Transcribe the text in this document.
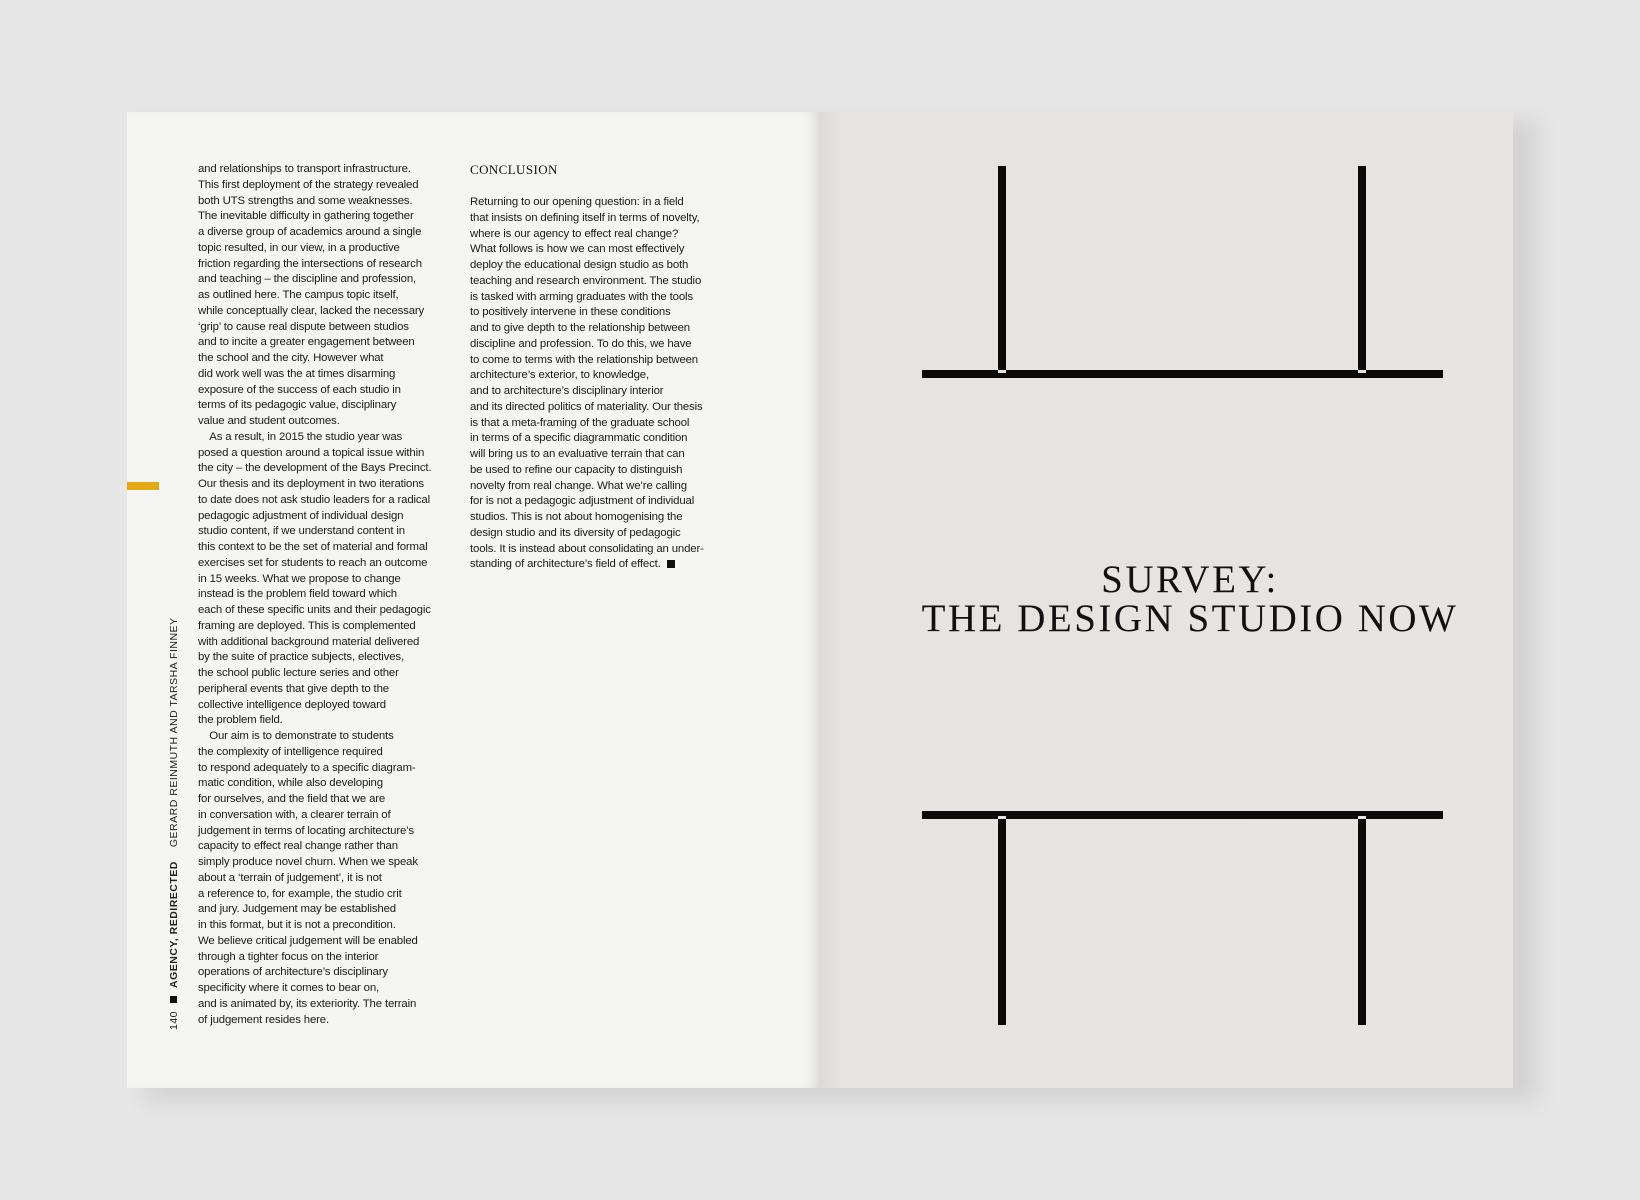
140AGENCY, REDIRECTEDGERARD REINMUTH AND TARSHA FINNEY
and relationships to transport infrastructure.
This first deployment of the strategy revealed
both UTS strengths and some weaknesses.
The inevitable difficulty in gathering together
a diverse group of academics around a single
topic resulted, in our view, in a productive
friction regarding the intersections of research
and teaching – the discipline and profession,
as outlined here. The campus topic itself,
while conceptually clear, lacked the necessary
‘grip’ to cause real dispute between studios
and to incite a greater engagement between
the school and the city. However what
did work well was the at times disarming
exposure of the success of each studio in
terms of its pedagogic value, disciplinary
value and student outcomes.
 As a result, in 2015 the studio year was
posed a question around a topical issue within
the city – the development of the Bays Precinct.
Our thesis and its deployment in two iterations
to date does not ask studio leaders for a radical
pedagogic adjustment of individual design
studio content, if we understand content in
this context to be the set of material and formal
exercises set for students to reach an outcome
in 15 weeks. What we propose to change
instead is the problem field toward which
each of these specific units and their pedagogic
framing are deployed. This is complemented
with additional background material delivered
by the suite of practice subjects, electives,
the school public lecture series and other
peripheral events that give depth to the
collective intelligence deployed toward
the problem field.
 Our aim is to demonstrate to students
the complexity of intelligence required
to respond adequately to a specific diagram-
matic condition, while also developing
for ourselves, and the field that we are
in conversation with, a clearer terrain of
judgement in terms of locating architecture’s
capacity to effect real change rather than
simply produce novel churn. When we speak
about a ‘terrain of judgement’, it is not
a reference to, for example, the studio crit
and jury. Judgement may be established
in this format, but it is not a precondition.
We believe critical judgement will be enabled
through a tighter focus on the interior
operations of architecture’s disciplinary
specificity where it comes to bear on,
and is animated by, its exteriority. The terrain
of judgement resides here.
CONCLUSION
Returning to our opening question: in a field
that insists on defining itself in terms of novelty,
where is our agency to effect real change?
What follows is how we can most effectively
deploy the educational design studio as both
teaching and research environment. The studio
is tasked with arming graduates with the tools
to positively intervene in these conditions
and to give depth to the relationship between
discipline and profession. To do this, we have
to come to terms with the relationship between
architecture’s exterior, to knowledge,
and to architecture’s disciplinary interior
and its directed politics of materiality. Our thesis
is that a meta-framing of the graduate school
in terms of a specific diagrammatic condition
will bring us to an evaluative terrain that can
be used to refine our capacity to distinguish
novelty from real change. What we’re calling
for is not a pedagogic adjustment of individual
studios. This is not about homogenising the
design studio and its diversity of pedagogic
tools. It is instead about consolidating an under-
standing of architecture’s field of effect.	SURVEY:
THE DESIGN STUDIO NOW
